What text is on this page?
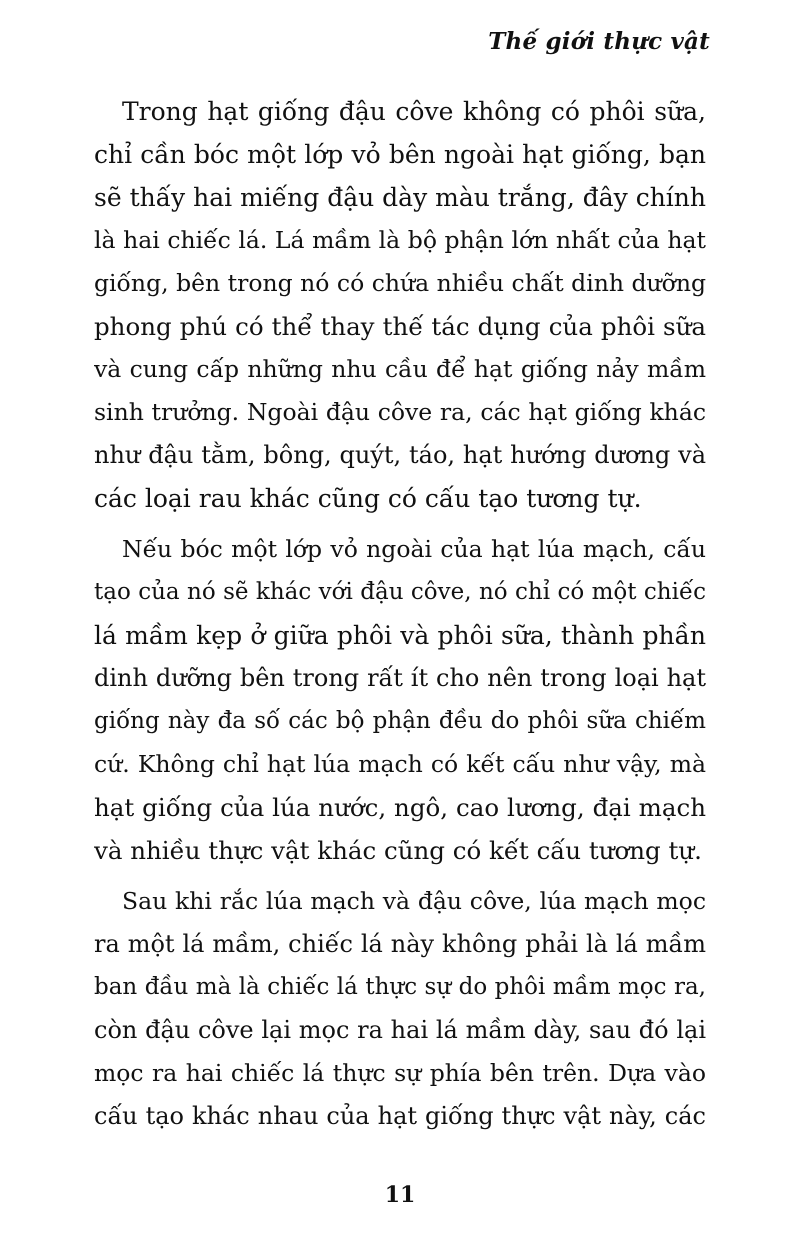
Thế giới thực vật
Trong hạt giống đậu côve không có phôi sữa,
chỉ cần bóc một lớp vỏ bên ngoài hạt giống, bạn
sẽ thấy hai miếng đậu dày màu trắng, đây chính
là hai chiếc lá. Lá mầm là bộ phận lớn nhất của hạt
giống, bên trong nó có chứa nhiều chất dinh dưỡng
phong phú có thể thay thế tác dụng của phôi sữa
và cung cấp những nhu cầu để hạt giống nảy mầm
sinh trưởng. Ngoài đậu côve ra, các hạt giống khác
như đậu tằm, bông, quýt, táo, hạt hướng dương và
các loại rau khác cũng có cấu tạo tương tự.
Nếu bóc một lớp vỏ ngoài của hạt lúa mạch, cấu
tạo của nó sẽ khác với đậu côve, nó chỉ có một chiếc
lá mầm kẹp ở giữa phôi và phôi sữa, thành phần
dinh dưỡng bên trong rất ít cho nên trong loại hạt
giống này đa số các bộ phận đều do phôi sữa chiếm
cứ. Không chỉ hạt lúa mạch có kết cấu như vậy, mà
hạt giống của lúa nước, ngô, cao lương, đại mạch
và nhiều thực vật khác cũng có kết cấu tương tự.
Sau khi rắc lúa mạch và đậu côve, lúa mạch mọc
ra một lá mầm, chiếc lá này không phải là lá mầm
ban đầu mà là chiếc lá thực sự do phôi mầm mọc ra,
còn đậu côve lại mọc ra hai lá mầm dày, sau đó lại
mọc ra hai chiếc lá thực sự phía bên trên. Dựa vào
cấu tạo khác nhau của hạt giống thực vật này, các
11
